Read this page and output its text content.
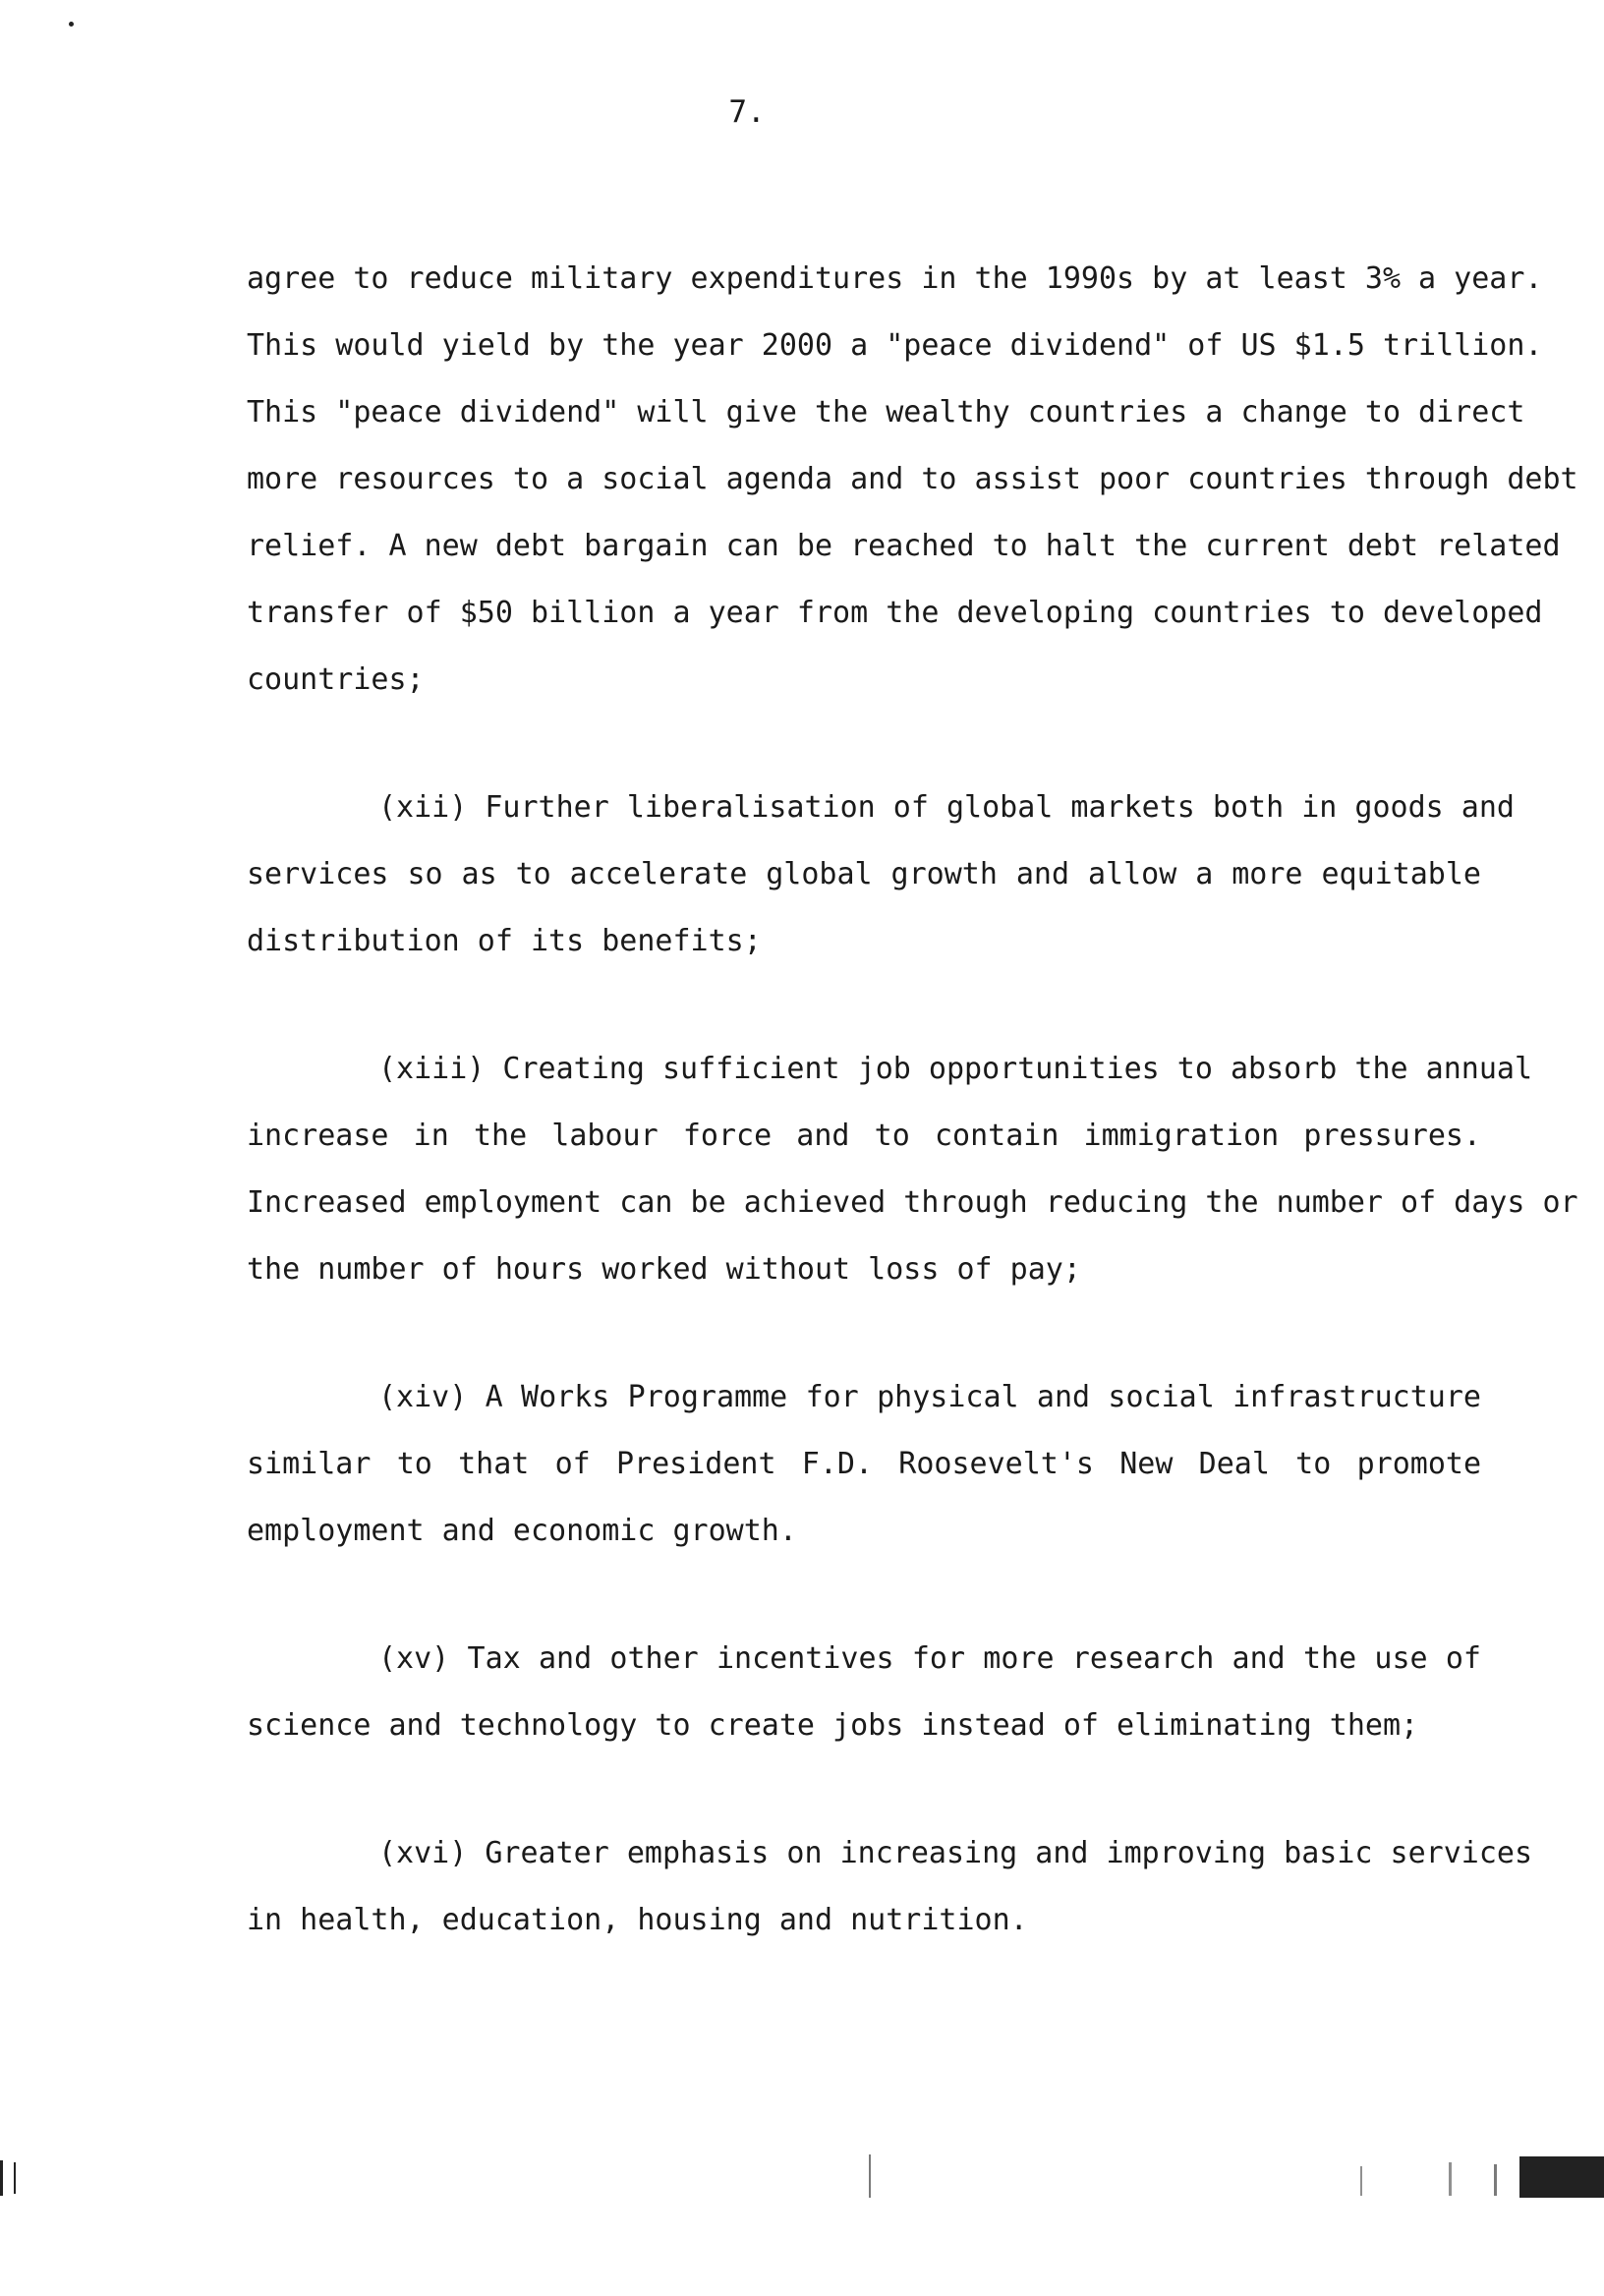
7.
agree to reduce military expenditures in the 1990s by at least 3% a year.
This would yield by the year 2000 a "peace dividend" of US $1.5 trillion.
This "peace dividend" will give the wealthy countries a change to direct
more resources to a social agenda and to assist poor countries through debt
relief. A new debt bargain can be reached to halt the current debt related
transfer of $50 billion a year from the developing countries to developed
countries;
(xii) Further liberalisation of global markets both in goods and
services so as to accelerate global growth and allow a more equitable
distribution of its benefits;
(xiii) Creating sufficient job opportunities to absorb the annual
increase in the labour force and to contain immigration pressures.
Increased employment can be achieved through reducing the number of days or
the number of hours worked without loss of pay;
(xiv) A Works Programme for physical and social infrastructure
similar to that of President F.D. Roosevelt's New Deal to promote
employment and economic growth.
(xv) Tax and other incentives for more research and the use of
science and technology to create jobs instead of eliminating them;
(xvi) Greater emphasis on increasing and improving basic services
in health, education, housing and nutrition.
